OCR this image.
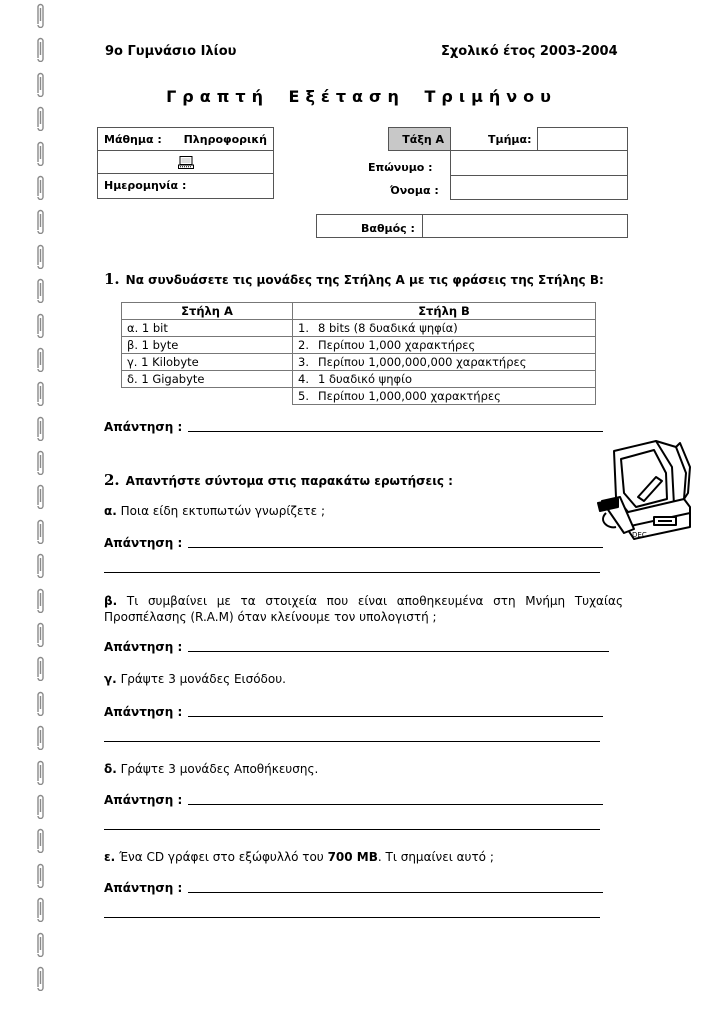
9ο Γυμνάσιο Ιλίου	Σχολικό έτος 2003-2004
Γραπτή Εξέταση Τριμήνου
Μάθημα : Πληροφορική
Ημερομηνία :
Τάξη Α	Τμήμα:
Επώνυμο :
Όνομα :
Βαθμός :
1. Να συνδυάσετε τις μονάδες της Στήλης Α με τις φράσεις της Στήλης Β:
Στήλη Α	Στήλη Β
α. 1 bit	1. 8 bits (8 δυαδικά ψηφία)
β. 1 byte	2. Περίπου 1,000 χαρακτήρες
γ. 1 Kilobyte	3. Περίπου 1,000,000,000 χαρακτήρες
δ. 1 Gigabyte	4. 1 δυαδικό ψηφίο
	5. Περίπου 1,000,000 χαρακτήρες
Απάντηση :
2. Απαντήστε σύντομα στις παρακάτω ερωτήσεις :
DEC
α. Ποια είδη εκτυπωτών γνωρίζετε ;
Απάντηση :
β. Τι συμβαίνει με τα στοιχεία που είναι αποθηκευμένα στη Μνήμη Τυχαίας Προσπέλασης (R.A.M) όταν κλείνουμε τον υπολογιστή ;
Απάντηση :
γ. Γράψτε 3 μονάδες Εισόδου.
Απάντηση :
δ. Γράψτε 3 μονάδες Αποθήκευσης.
Απάντηση :
ε. Ένα CD γράφει στο εξώφυλλό του 700 MB. Τι σημαίνει αυτό ;
Απάντηση :
